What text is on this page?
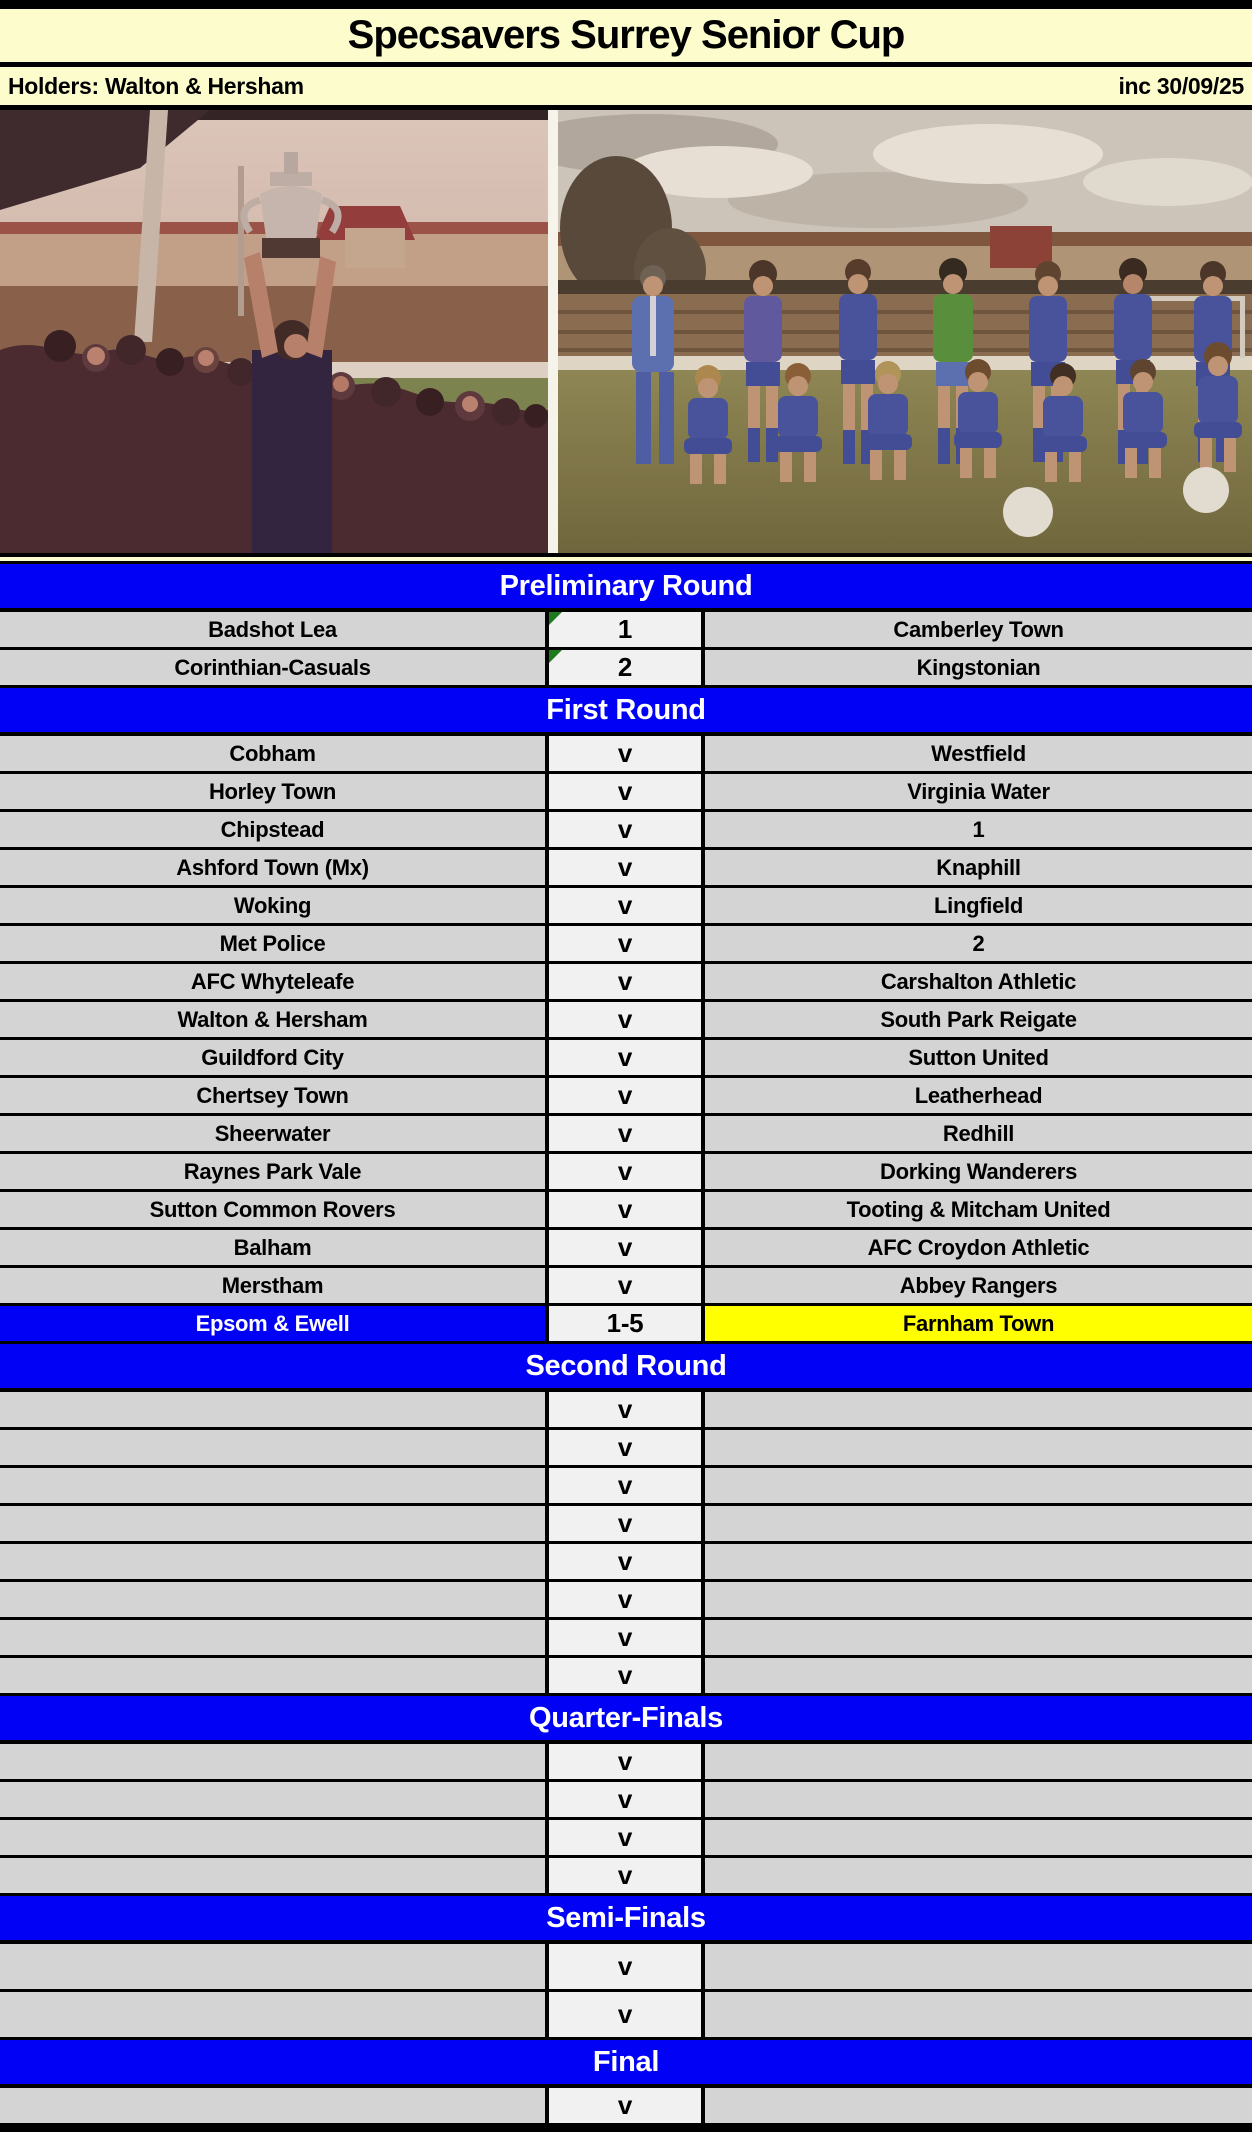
Specsavers Surrey Senior Cup
Holders: Walton & Hersham	inc 30/09/25
Preliminary Round
Badshot Lea	1	Camberley Town
Corinthian-Casuals	2	Kingstonian
First Round
Cobham	v	Westfield
Horley Town	v	Virginia Water
Chipstead	v	1
Ashford Town (Mx)	v	Knaphill
Woking	v	Lingfield
Met Police	v	2
AFC Whyteleafe	v	Carshalton Athletic
Walton & Hersham	v	South Park Reigate
Guildford City	v	Sutton United
Chertsey Town	v	Leatherhead
Sheerwater	v	Redhill
Raynes Park Vale	v	Dorking Wanderers
Sutton Common Rovers	v	Tooting & Mitcham United
Balham	v	AFC Croydon Athletic
Merstham	v	Abbey Rangers
Epsom & Ewell	1-5	Farnham Town
Second Round
v
v
v
v
v
v
v
v
Quarter-Finals
v
v
v
v
Semi-Finals
v
v
Final
v
